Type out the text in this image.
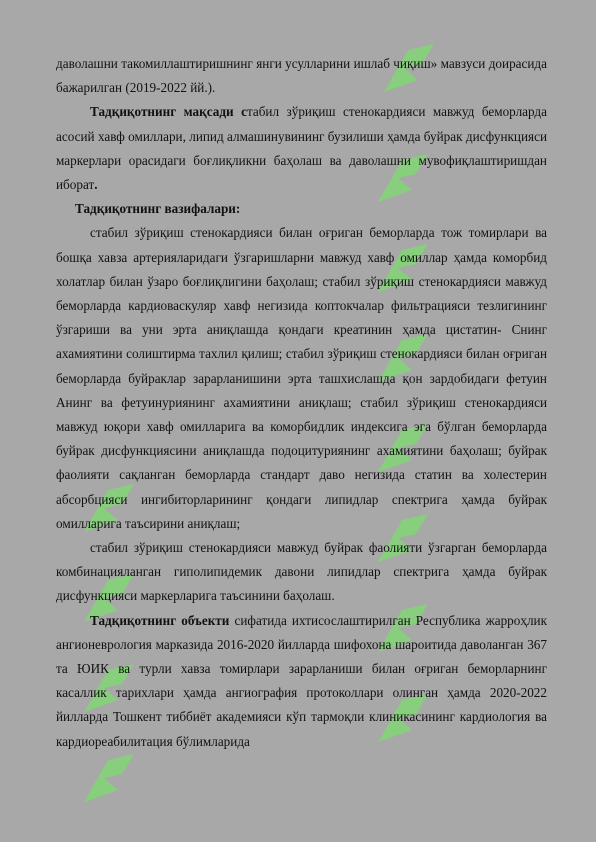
даволашни такомиллаштиришнинг янги усулларини ишлаб чиқиш» мавзуси доирасида бажарилган (2019-2022 йй.).

Тадқиқотнинг мақсади стабил зўриқиш стенокардияси мавжуд беморларда асосий хавф омиллари, липид алмашинувининг бузилиши ҳамда буйрак дисфункцияси маркерлари орасидаги боғлиқликни баҳолаш ва даволашни мувофиқлаштиришдан иборат.

Тадқиқотнинг вазифалари:

стабил зўриқиш стенокардияси билан оғриган беморларда тож томирлари ва бошқа хавза артерияларидаги ўзгаришларни мавжуд хавф омиллар ҳамда коморбид холатлар билан ўзаро боғлиқлигини баҳолаш; стабил зўриқиш стенокардияси мавжуд беморларда кардиоваскуляр хавф негизида коптокчалар фильтрацияси тезлигининг ўзгариши ва уни эрта аниқлашда қондаги креатинин ҳамда цистатин- Снинг ахамиятини солиштирма тахлил қилиш; стабил зўриқиш стенокардияси билан оғриган беморларда буйраклар зарарланишини эрта ташхислашда қон зардобидаги фетуин Анинг ва фетуинуриянинг ахамиятини аниқлаш; стабил зўриқиш стенокардияси мавжуд юқори хавф омилларига ва коморбидлик индексига эга бўлган беморларда буйрак дисфункциясини аниқлашда подоцитуриянинг ахамиятини баҳолаш; буйрак фаолияти сақланган беморларда стандарт даво негизида статин ва холестерин абсорбцияси ингибиторларининг қондаги липидлар спектрига ҳамда буйрак омилларига таъсирини аниқлаш;

стабил зўриқиш стенокардияси мавжуд буйрак фаолияти ўзгарган беморларда комбинацияланган гиполипидемик давони липидлар спектрига ҳамда буйрак дисфункцияси маркерларига таъсинини баҳолаш.

Тадқиқотнинг объекти сифатида ихтисослаштирилган Республика жарроҳлик ангионеврология марказида 2016-2020 йилларда шифохона шароитида даволанган 367 та ЮИК ва турли хавза томирлари зарарланиши билан оғриган беморларнинг касаллик тарихлари ҳамда ангиография протоколлари олинган ҳамда 2020-2022 йилларда Тошкент тиббиёт академияси кўп тармоқли клиникасининг кардиология ва кардиореабилитация бўлимларида
